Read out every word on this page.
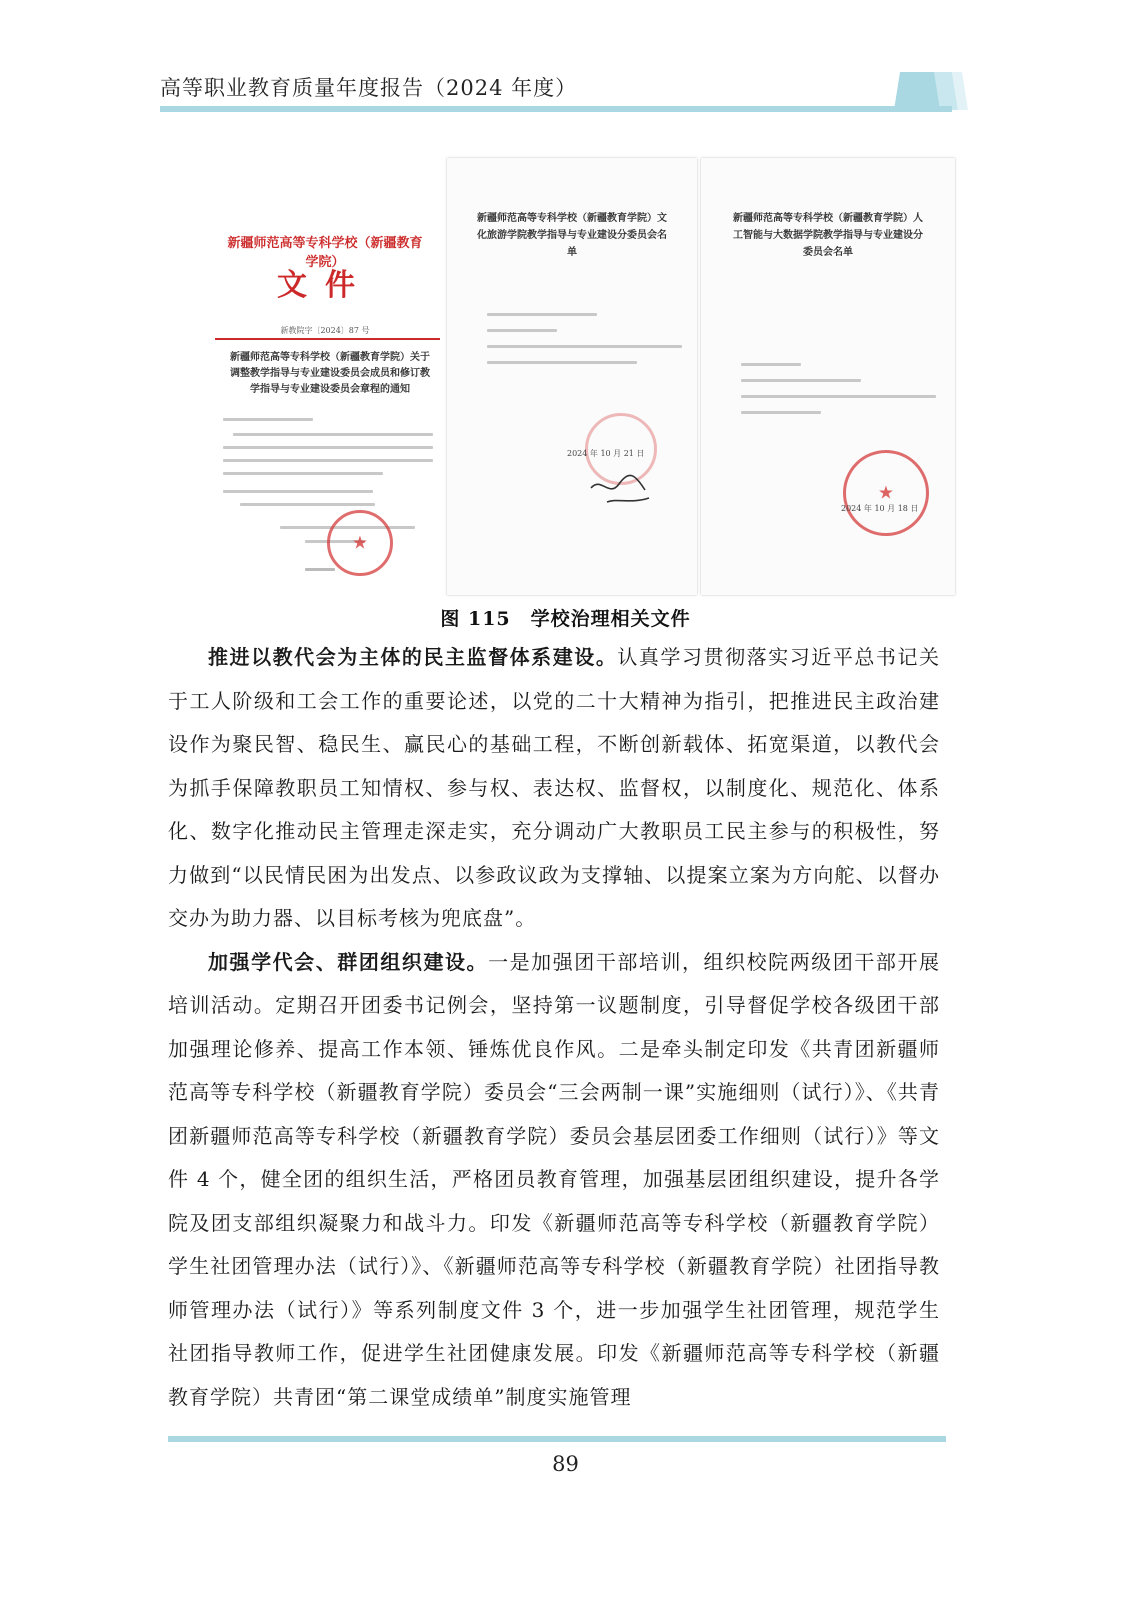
高等职业教育质量年度报告（2024 年度）
新疆师范高等专科学校（新疆教育学院）
文件
新教院字〔2024〕87 号
新疆师范高等专科学校（新疆教育学院）关于调整教学指导与专业建设委员会成员和修订教学指导与专业建设委员会章程的通知
★
新疆师范高等专科学校（新疆教育学院）文化旅游学院教学指导与专业建设分委员会名单
2024 年 10 月 21 日
新疆师范高等专科学校（新疆教育学院）人工智能与大数据学院教学指导与专业建设分委员会名单
★
2024 年 10 月 18 日
图 115　学校治理相关文件

推进以教代会为主体的民主监督体系建设。认真学习贯彻落实习近平总书记关于工人阶级和工会工作的重要论述，以党的二十大精神为指引，把推进民主政治建设作为聚民智、稳民生、赢民心的基础工程，不断创新载体、拓宽渠道，以教代会为抓手保障教职员工知情权、参与权、表达权、监督权，以制度化、规范化、体系化、数字化推动民主管理走深走实，充分调动广大教职员工民主参与的积极性，努力做到“以民情民困为出发点、以参政议政为支撑轴、以提案立案为方向舵、以督办交办为助力器、以目标考核为兜底盘”。

加强学代会、群团组织建设。一是加强团干部培训，组织校院两级团干部开展培训活动。定期召开团委书记例会，坚持第一议题制度，引导督促学校各级团干部加强理论修养、提高工作本领、锤炼优良作风。二是牵头制定印发《共青团新疆师范高等专科学校（新疆教育学院）委员会“三会两制一课”实施细则（试行）》、《共青团新疆师范高等专科学校（新疆教育学院）委员会基层团委工作细则（试行）》等文件 4 个，健全团的组织生活，严格团员教育管理，加强基层团组织建设，提升各学院及团支部组织凝聚力和战斗力。印发《新疆师范高等专科学校（新疆教育学院）学生社团管理办法（试行）》、《新疆师范高等专科学校（新疆教育学院）社团指导教师管理办法（试行）》等系列制度文件 3 个，进一步加强学生社团管理，规范学生社团指导教师工作，促进学生社团健康发展。印发《新疆师范高等专科学校（新疆教育学院）共青团“第二课堂成绩单”制度实施管理

89
